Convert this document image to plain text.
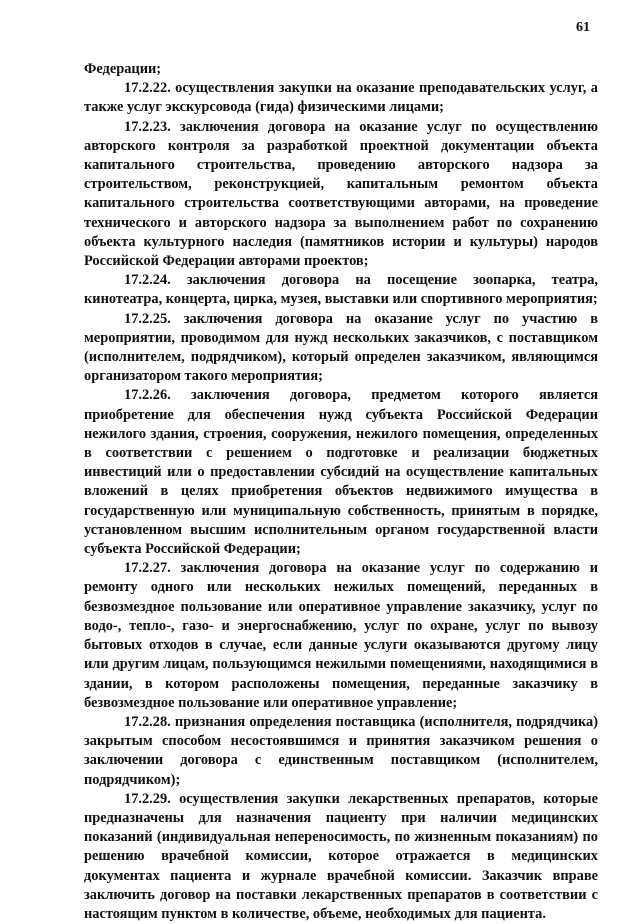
61

Федерации;

17.2.22. осуществления закупки на оказание преподавательских услуг, а также услуг экскурсовода (гида) физическими лицами;

17.2.23. заключения договора на оказание услуг по осуществлению авторского контроля за разработкой проектной документации объекта капитального строительства, проведению авторского надзора за строительством, реконструкцией, капитальным ремонтом объекта капитального строительства соответствующими авторами, на проведение технического и авторского надзора за выполнением работ по сохранению объекта культурного наследия (памятников истории и культуры) народов Российской Федерации авторами проектов;

17.2.24. заключения договора на посещение зоопарка, театра, кинотеатра, концерта, цирка, музея, выставки или спортивного мероприятия;

17.2.25. заключения договора на оказание услуг по участию в мероприятии, проводимом для нужд нескольких заказчиков, с поставщиком (исполнителем, подрядчиком), который определен заказчиком, являющимся организатором такого мероприятия;

17.2.26. заключения договора, предметом которого является приобретение для обеспечения нужд субъекта Российской Федерации нежилого здания, строения, сооружения, нежилого помещения, определенных в соответствии с решением о подготовке и реализации бюджетных инвестиций или о предоставлении субсидий на осуществление капитальных вложений в целях приобретения объектов недвижимого имущества в государственную или муниципальную собственность, принятым в порядке, установленном высшим исполнительным органом государственной власти субъекта Российской Федерации;

17.2.27. заключения договора на оказание услуг по содержанию и ремонту одного или нескольких нежилых помещений, переданных в безвозмездное пользование или оперативное управление заказчику, услуг по водо-, тепло-, газо- и энергоснабжению, услуг по охране, услуг по вывозу бытовых отходов в случае, если данные услуги оказываются другому лицу или другим лицам, пользующимся нежилыми помещениями, находящимися в здании, в котором расположены помещения, переданные заказчику в безвозмездное пользование или оперативное управление;

17.2.28. признания определения поставщика (исполнителя, подрядчика) закрытым способом несостоявшимся и принятия заказчиком решения о заключении договора с единственным поставщиком (исполнителем, подрядчиком);

17.2.29. осуществления закупки лекарственных препаратов, которые предназначены для назначения пациенту при наличии медицинских показаний (индивидуальная непереносимость, по жизненным показаниям) по решению врачебной комиссии, которое отражается в медицинских документах пациента и журнале врачебной комиссии. Заказчик вправе заключить договор на поставки лекарственных препаратов в соответствии с настоящим пунктом в количестве, объеме, необходимых для пациента.
